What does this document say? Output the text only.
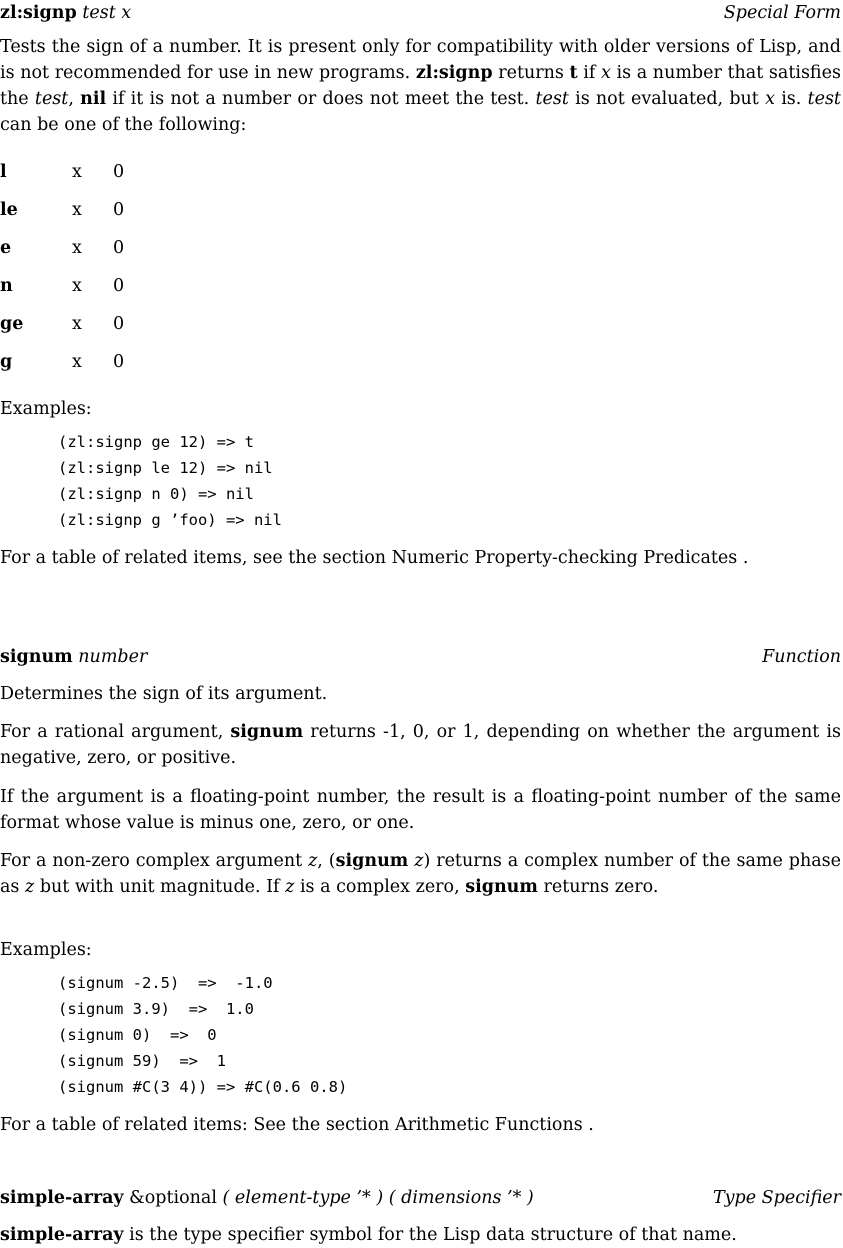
zl:signp test x	Special Form
Tests the sign of a number. It is present only for compatibility with older versions of Lisp, and is not recommended for use in new programs. zl:signp returns t if x is a number that satisfies the test, nil if it is not a number or does not meet the test. test is not evaluated, but x is. test can be one of the following:
l	x 0
le	x 0
e	x 0
n	x 0
ge	x 0
g	x 0
Examples:
(zl:signp ge 12) => t
(zl:signp le 12) => nil
(zl:signp n 0) => nil
(zl:signp g ’foo) => nil
For a table of related items, see the section Numeric Property-checking Predicates .
signum number	Function
Determines the sign of its argument.
For a rational argument, signum returns -1, 0, or 1, depending on whether the argument is negative, zero, or positive.
If the argument is a floating-point number, the result is a floating-point number of the same format whose value is minus one, zero, or one.
For a non-zero complex argument z, (signum z) returns a complex number of the same phase as z but with unit magnitude. If z is a complex zero, signum returns zero.
Examples:
(signum -2.5)  =>  -1.0
(signum 3.9)  =>  1.0
(signum 0)  =>  0
(signum 59)  =>  1
(signum #C(3 4)) => #C(0.6 0.8)
For a table of related items: See the section Arithmetic Functions .
simple-array &optional ( element-type ’* ) ( dimensions ’* )	Type Specifier
simple-array is the type specifier symbol for the Lisp data structure of that name.
